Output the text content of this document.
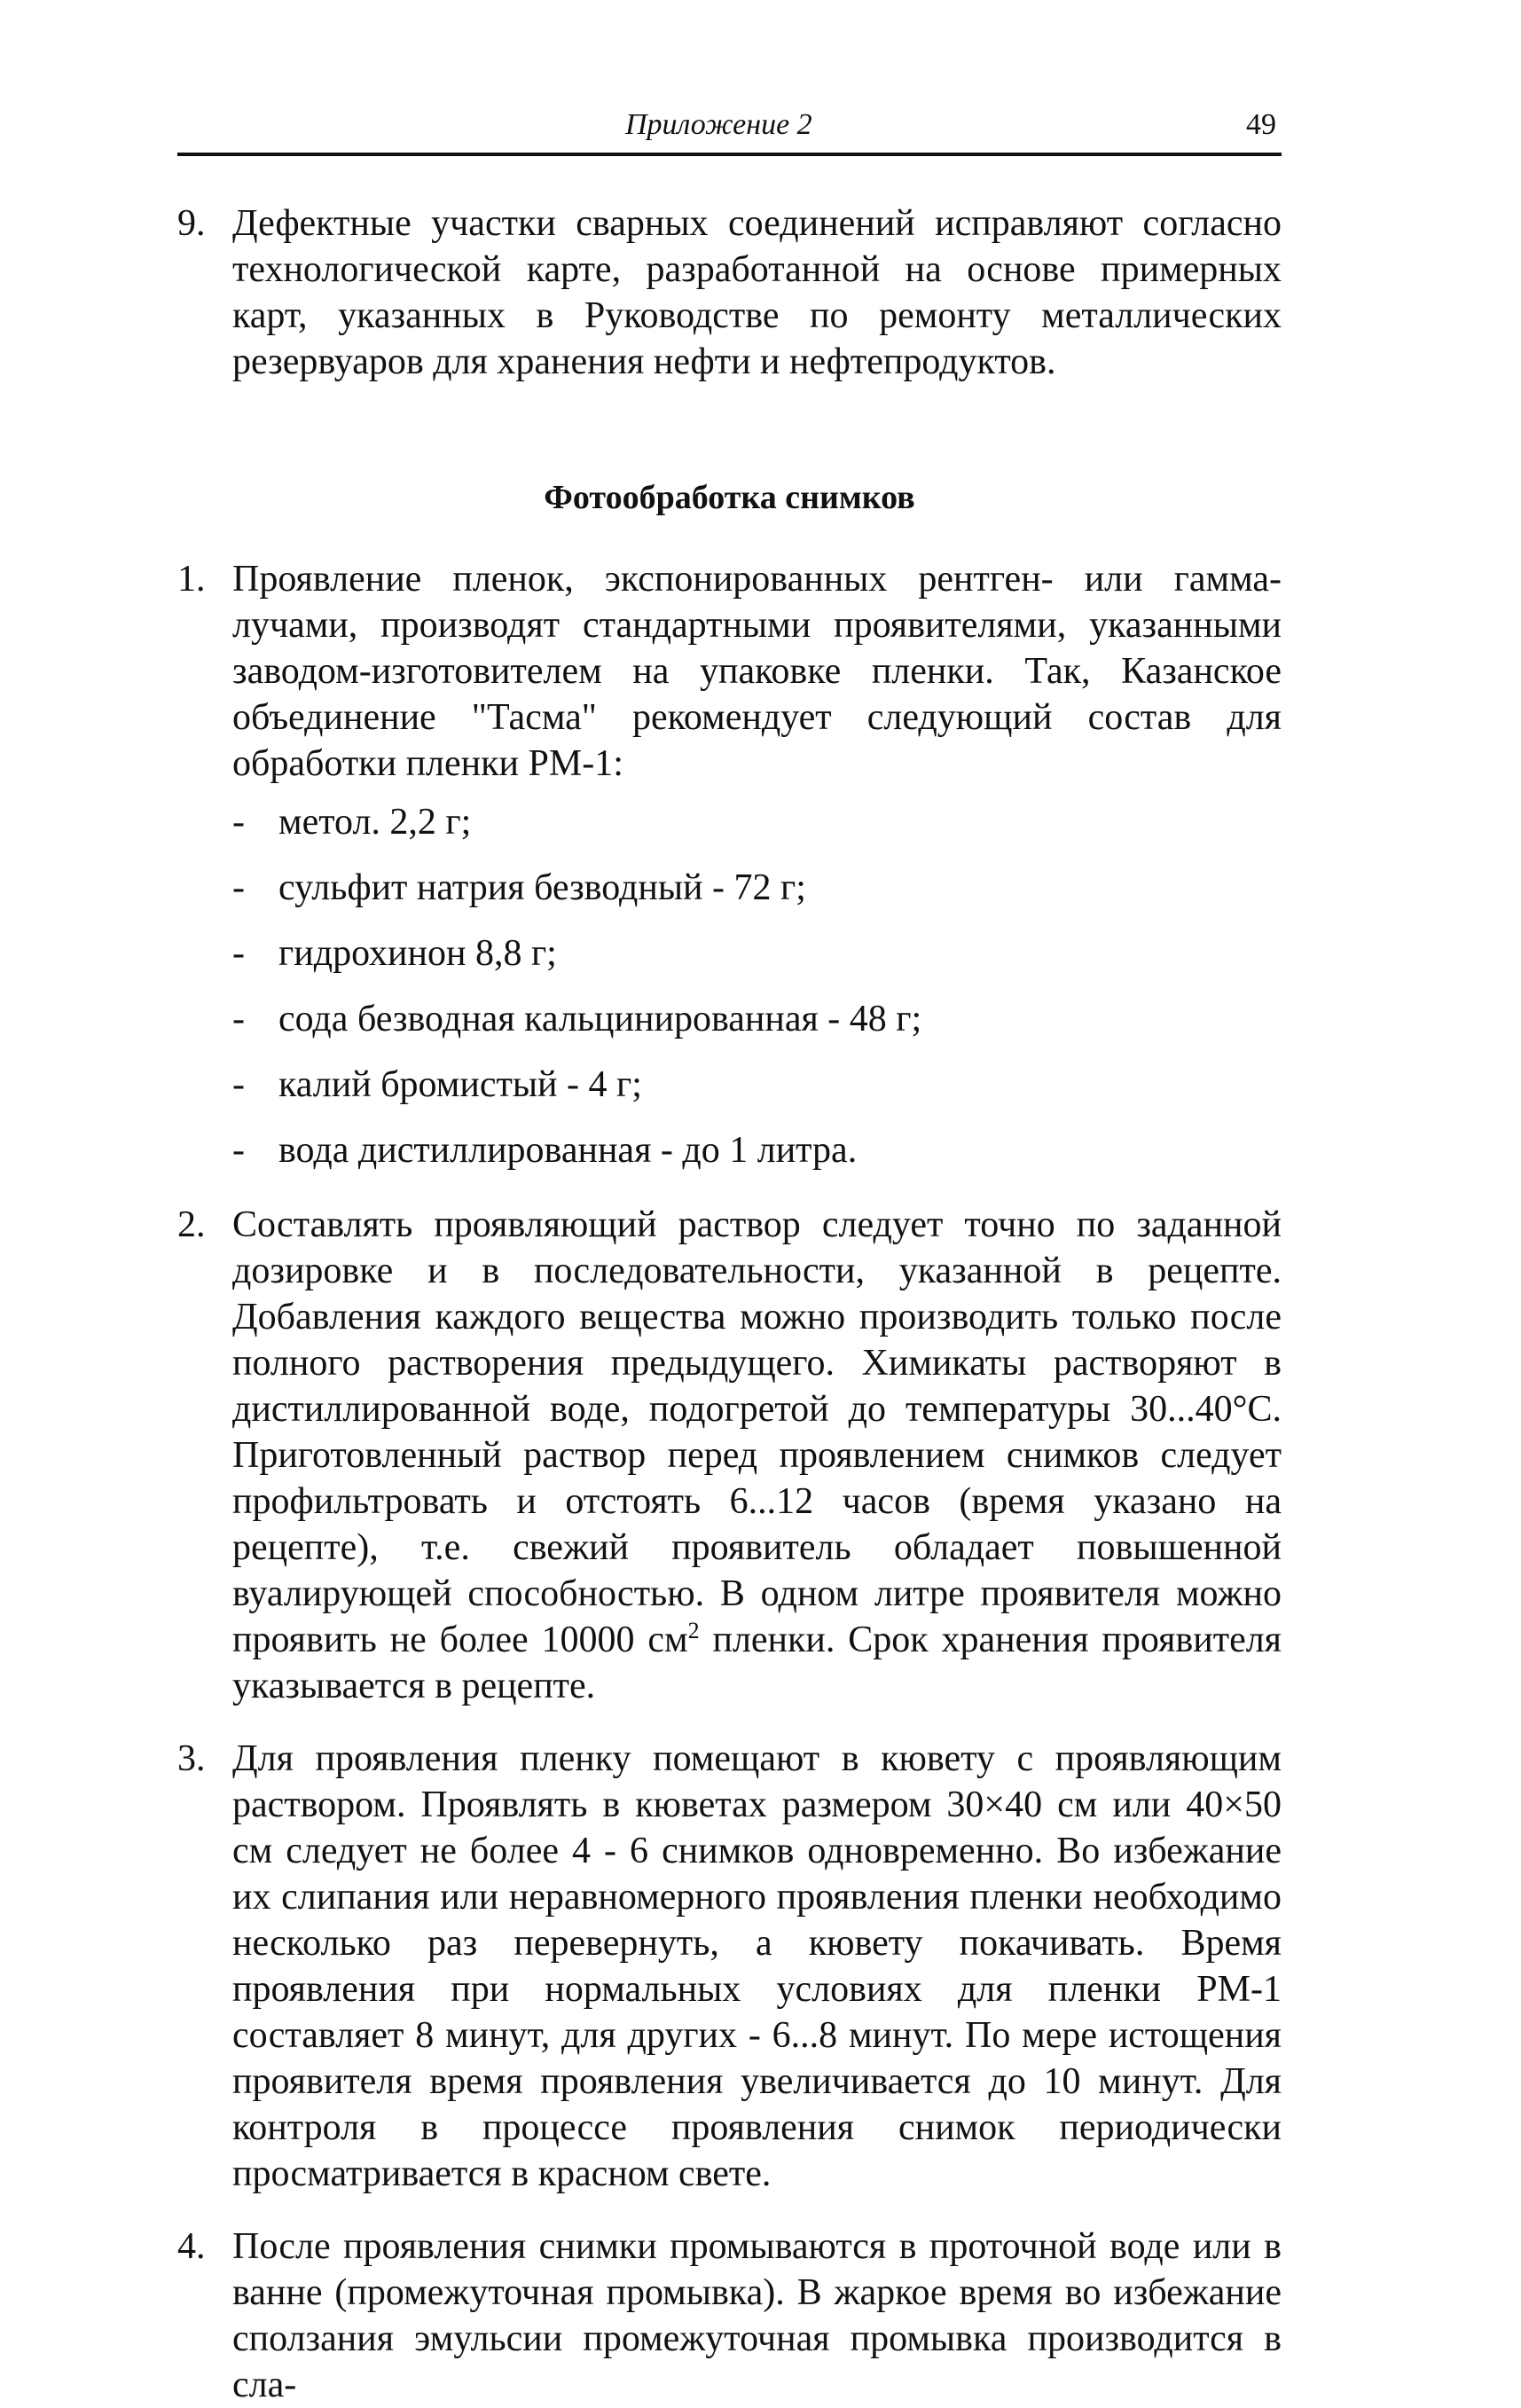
Приложение 2	49
9. Дефектные участки сварных соединений исправляют согласно технологической карте, разработанной на основе примерных карт, указанных в Руководстве по ремонту металлических резервуаров для хранения нефти и нефтепродуктов.
Фотообработка снимков
1. Проявление пленок, экспонированных рентген- или гамма-лучами, производят стандартными проявителями, указанными заводом-изготовителем на упаковке пленки. Так, Казанское объединение "Тасма" рекомендует следующий состав для обработки пленки РМ-1:
- метол. 2,2 г;
- сульфит натрия безводный - 72 г;
- гидрохинон 8,8 г;
- сода безводная кальцинированная - 48 г;
- калий бромистый - 4 г;
- вода дистиллированная - до 1 литра.
2. Составлять проявляющий раствор следует точно по заданной дозировке и в последовательности, указанной в рецепте. Добавления каждого вещества можно производить только после полного растворения предыдущего. Химикаты растворяют в дистиллированной воде, подогретой до температуры 30...40°С. Приготовленный раствор перед проявлением снимков следует профильтровать и отстоять 6...12 часов (время указано на рецепте), т.е. свежий проявитель обладает повышенной вуалирующей способностью. В одном литре проявителя можно проявить не более 10000 $см^2$ пленки. Срок хранения проявителя указывается в рецепте.
3. Для проявления пленку помещают в кювету с проявляющим раствором. Проявлять в кюветах размером 30×40 см или 40×50 см следует не более 4 - 6 снимков одновременно. Во избежание их слипания или неравномерного проявления пленки необходимо несколько раз перевернуть, а кювету покачивать. Время проявления при нормальных условиях для пленки РМ-1 составляет 8 минут, для других - 6...8 минут. По мере истощения проявителя время проявления увеличивается до 10 минут. Для контроля в процессе проявления снимок периодически просматривается в красном свете.
4. После проявления снимки промываются в проточной воде или в ванне (промежуточная промывка). В жаркое время во избежание сползания эмульсии промежуточная промывка производится в сла-
